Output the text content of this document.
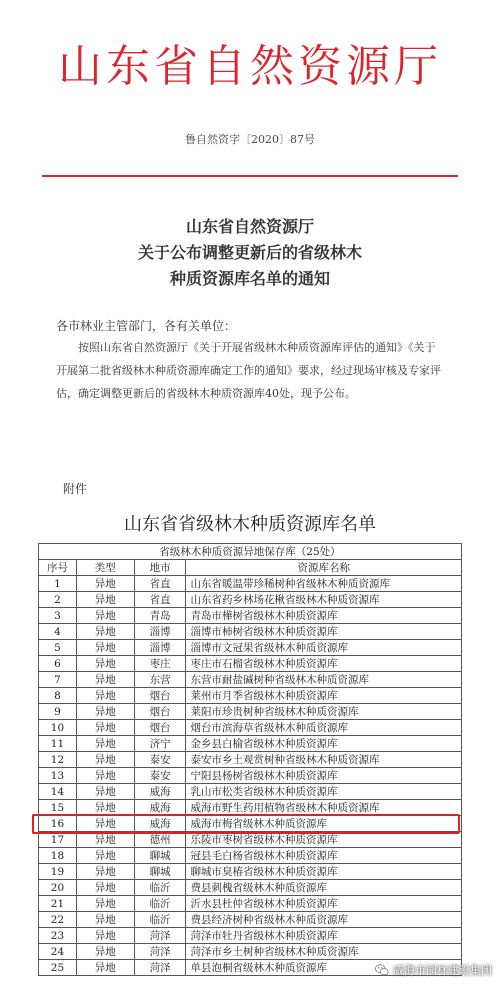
山东省自然资源厅
鲁自然资字〔2020〕87号
山东省自然资源厅
关于公布调整更新后的省级林木
种质资源库名单的通知
各市林业主管部门，各有关单位：
按照山东省自然资源厅《关于开展省级林木种质资源库评估的通知》《关于开展第二批省级林木种质资源库确定工作的通知》要求，经过现场审核及专家评估，确定调整更新后的省级林木种质资源库40处，现予公布。
附件
山东省省级林木种质资源库名单
省级林木种质资源异地保存库（25处）			
序号	类型	地市	资源库名称
1	异地	省直	山东省暖温带珍稀树种省级林木种质资源库
2	异地	省直	山东省药乡林场花楸省级林木种质资源库
3	异地	青岛	青岛市樺树省级林木种质资源库
4	异地	淄博	淄博市柿树省级林木种质资源库
5	异地	淄博	淄博市文冠果省级林木种质资源库
6	异地	枣庄	枣庄市石榴省级林木种质资源库
7	异地	东营	东营市耐盐碱树种省级林木种质资源库
8	异地	烟台	莱州市月季省级林木种质资源库
9	异地	烟台	莱阳市珍贵树种省级林木种质资源库
10	异地	烟台	烟台市滨海草省级林木种质资源库
11	异地	济宁	金乡县白榆省级林木种质资源库
12	异地	泰安	泰安市乡土观赏树种省级林木种质资源库
13	异地	泰安	宁阳县杨树省级林木种质资源库
14	异地	威海	乳山市松类省级林木种质资源库
15	异地	威海	威海市野生药用植物省级林木种质资源库
16	异地	威海	威海市梅省级林木种质资源库
17	异地	德州	乐陵市枣树省级林木种质资源库
18	异地	聊城	冠县毛白杨省级林木种质资源库
19	异地	聊城	聊城市臭椿省级林木种质资源库
20	异地	临沂	费县刺槐省级林木种质资源库
21	异地	临沂	沂水县杜仲省级林木种质资源库
22	异地	临沂	费县经济树种省级林木种质资源库
23	异地	菏泽	菏泽市牡丹省级林木种质资源库
24	异地	菏泽	菏泽市乡土树种省级林木种质资源库
25	异地	菏泽	单县泡桐省级林木种质资源库	威海市园林建设集团
